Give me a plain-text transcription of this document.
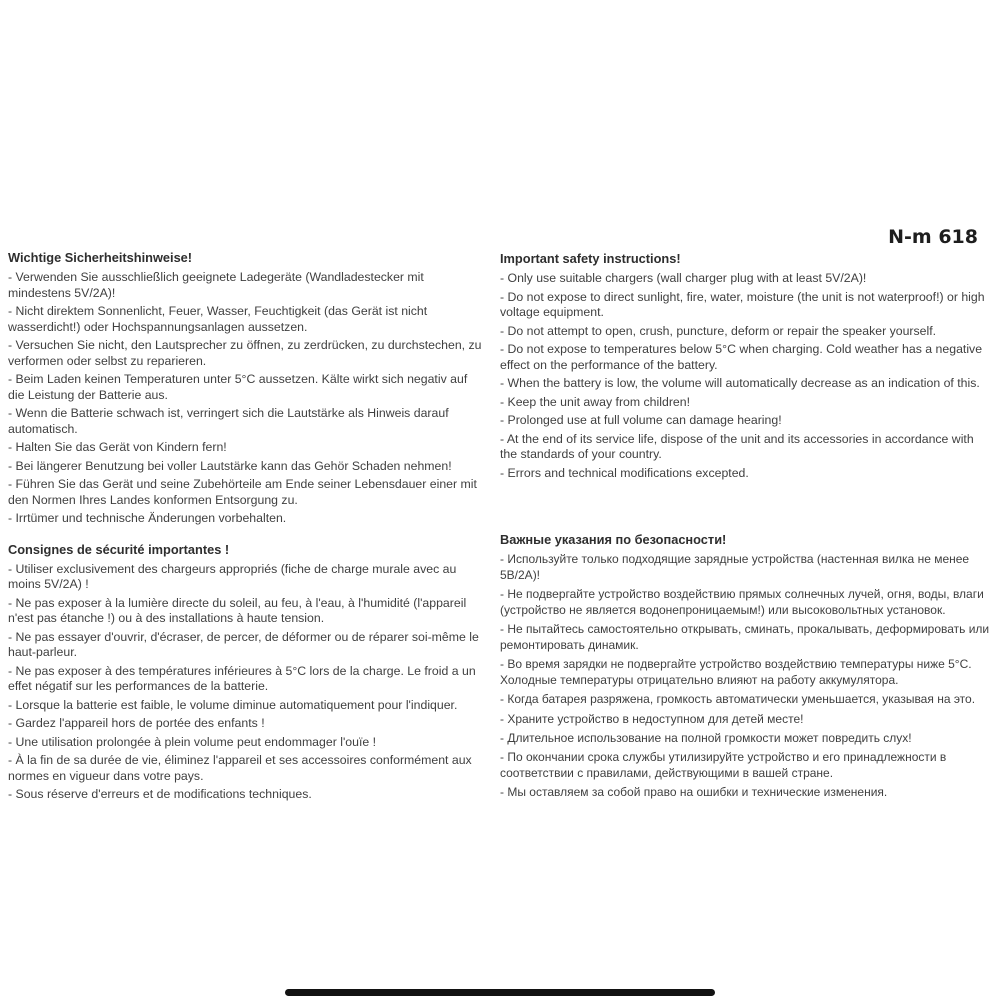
Wichtige Sicherheitshinweise!
- Verwenden Sie ausschließlich geeignete Ladegeräte (Wandladestecker mit mindestens 5V/2A)!
- Nicht direktem Sonnenlicht, Feuer, Wasser, Feuchtigkeit (das Gerät ist nicht wasserdicht!) oder Hochspannungsanlagen aussetzen.
- Versuchen Sie nicht, den Lautsprecher zu öffnen, zu zerdrücken, zu durchstechen, zu verformen oder selbst zu reparieren.
- Beim Laden keinen Temperaturen unter 5°C aussetzen. Kälte wirkt sich negativ auf die Leistung der Batterie aus.
- Wenn die Batterie schwach ist, verringert sich die Lautstärke als Hinweis darauf automatisch.
- Halten Sie das Gerät von Kindern fern!
- Bei längerer Benutzung bei voller Lautstärke kann das Gehör Schaden nehmen!
- Führen Sie das Gerät und seine Zubehörteile am Ende seiner Lebensdauer einer mit den Normen Ihres Landes konformen Entsorgung zu.
- Irrtümer und technische Änderungen vorbehalten.
Consignes de sécurité importantes !
- Utiliser exclusivement des chargeurs appropriés (fiche de charge murale avec au moins 5V/2A) !
- Ne pas exposer à la lumière directe du soleil, au feu, à l'eau, à l'humidité (l'appareil n'est pas étanche !) ou à des installations à haute tension.
- Ne pas essayer d'ouvrir, d'écraser, de percer, de déformer ou de réparer soi-même le haut-parleur.
- Ne pas exposer à des températures inférieures à 5°C lors de la charge. Le froid a un effet négatif sur les performances de la batterie.
- Lorsque la batterie est faible, le volume diminue automatiquement pour l'indiquer.
- Gardez l'appareil hors de portée des enfants !
- Une utilisation prolongée à plein volume peut endommager l'ouïe !
- À la fin de sa durée de vie, éliminez l'appareil et ses accessoires conformément aux normes en vigueur dans votre pays.
- Sous réserve d'erreurs et de modifications techniques.
N-m 618
Important safety instructions!
- Only use suitable chargers (wall charger plug with at least 5V/2A)!
- Do not expose to direct sunlight, fire, water, moisture (the unit is not waterproof!) or high voltage equipment.
- Do not attempt to open, crush, puncture, deform or repair the speaker yourself.
- Do not expose to temperatures below 5°C when charging. Cold weather has a negative effect on the performance of the battery.
- When the battery is low, the volume will automatically decrease as an indication of this.
- Keep the unit away from children!
- Prolonged use at full volume can damage hearing!
- At the end of its service life, dispose of the unit and its accessories in accordance with the standards of your country.
- Errors and technical modifications excepted.
Важные указания по безопасности!
- Используйте только подходящие зарядные устройства (настенная вилка не менее 5В/2А)!
- Не подвергайте устройство воздействию прямых солнечных лучей, огня, воды, влаги (устройство не является водонепроницаемым!) или высоковольтных установок.
- Не пытайтесь самостоятельно открывать, сминать, прокалывать, деформировать или ремонтировать динамик.
- Во время зарядки не подвергайте устройство воздействию температуры ниже 5°C. Холодные температуры отрицательно влияют на работу аккумулятора.
- Когда батарея разряжена, громкость автоматически уменьшается, указывая на это.
- Храните устройство в недоступном для детей месте!
- Длительное использование на полной громкости может повредить слух!
- По окончании срока службы утилизируйте устройство и его принадлежности в соответствии с правилами, действующими в вашей стране.
- Мы оставляем за собой право на ошибки и технические изменения.
